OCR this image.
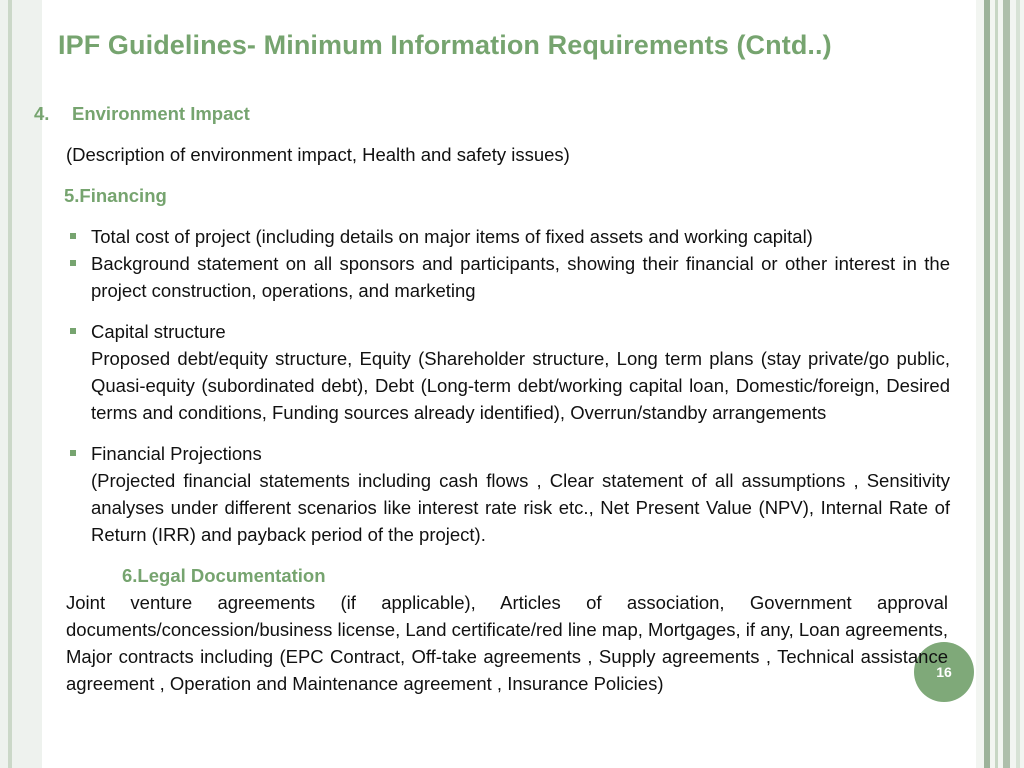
IPF Guidelines- Minimum Information Requirements (Cntd..)
4. Environment Impact
(Description of environment impact, Health and safety issues)
5.Financing
Total cost of project (including details on major items of fixed assets and working capital)
Background statement on all sponsors and participants, showing their financial or other interest in the project construction, operations, and marketing
Capital structure
Proposed debt/equity structure, Equity (Shareholder structure, Long term plans (stay private/go public, Quasi-equity (subordinated debt), Debt (Long-term debt/working capital loan, Domestic/foreign, Desired terms and conditions, Funding sources already identified), Overrun/standby arrangements
Financial Projections
(Projected financial statements including cash flows , Clear statement of all assumptions , Sensitivity analyses under different scenarios like interest rate risk etc., Net Present Value (NPV), Internal Rate of Return (IRR) and payback period of the project).
6.Legal Documentation
Joint venture agreements (if applicable), Articles of association, Government approval documents/concession/business license, Land certificate/red line map, Mortgages, if any, Loan agreements, Major contracts including (EPC Contract, Off-take agreements , Supply agreements , Technical assistance agreement , Operation and Maintenance agreement , Insurance Policies)
16
